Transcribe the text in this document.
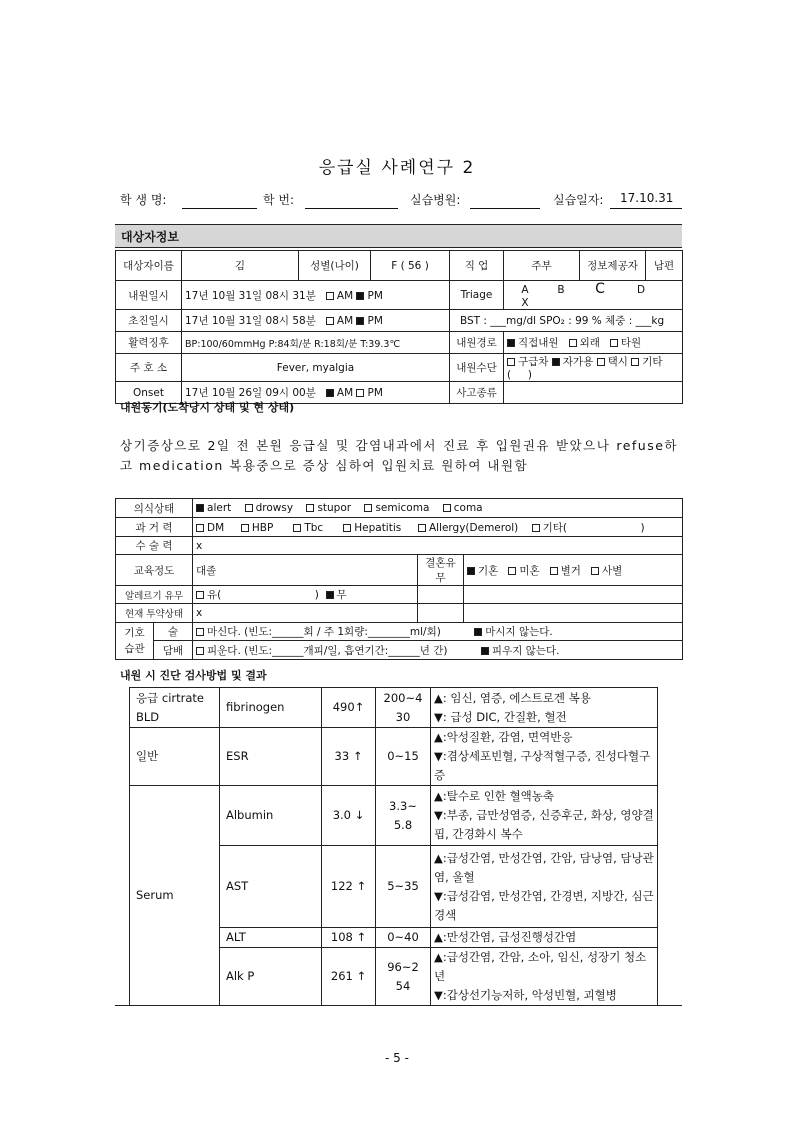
응급실 사례연구 2
학 생 명:	학 번:	실습병원:	실습일자: 17.10.31
대상자정보
대상자이름	김	성별(나이)	F ( 56 )	직 업	주부	정보제공자	남편
내원일시	17년 10월 31일 08시 31분 AM PM			Triage	A B C DX		
초진일시	17년 10월 31일 08시 58분 AM PM			BST : ___mg/dl SPO₂ : 99 % 체중 : ___kg			
활력징후	BP:100/60mmHg P:84회/분 R:18회/분 T:39.3℃			내원경로	직접내원 외래 타원		
주 호 소	Fever, myalgia			내원수단	구급차 자가용 택시 기타( )		
Onset	17년 10월 26일 09시 00분 AM PM			사고종류			
내원동기(도착당시 상태 및 현 상태)
상기증상으로 2일 전 본원 응급실 및 감염내과에서 진료 후 입원권유 받았으나 refuse하고 medication 복용중으로 증상 심하여 입원치료 원하여 내원함
의식상태		alert drowsy stupor semicoma coma		
과 거 력		DM HBP Tbc Hepatitis Allergy(Demerol) 기타( )		
수 술 력		x		
교육정도		대졸	결혼유무	기혼 미혼 별거 사별
알레르기 유무		유( ) 무		
현재 투약상태		x		
기호 습관	술	마신다. (빈도:______회 / 주 1회량:________ml/회) 마시지 않는다.		
	담배	피운다. (빈도:______개피/일, 흡연기간:______년 간) 피우지 않는다.		
내원 시 진단 검사방법 및 결과
응급 cirtrate BLD	fibrinogen	490↑	200~430	▲: 임신, 염증, 에스트로겐 복용
▼: 급성 DIC, 간질환, 혈전
일반	ESR	33 ↑	0~15	▲:악성질환, 감염, 면역반응
▼:겸상세포빈혈, 구상적혈구증, 진성다혈구증
Serum	Albumin	3.0 ↓	3.3~5.8	▲:탈수로 인한 혈액농축
▼:부종, 급만성염증, 신증후군, 화상, 영양결핍, 간경화시 복수
	AST	122 ↑	5~35	▲:급성간염, 만성간염, 간암, 담낭염, 담낭관염, 울혈
▼:급성감염, 만성간염, 간경변, 지방간, 심근경색
	ALT	108 ↑	0~40	▲:만성간염, 급성진행성간염
	Alk P	261 ↑	96~254	▲:급성간염, 간암, 소아, 임신, 성장기 청소년
▼:갑상선기능저하, 악성빈혈, 괴혈병
- 5 -
